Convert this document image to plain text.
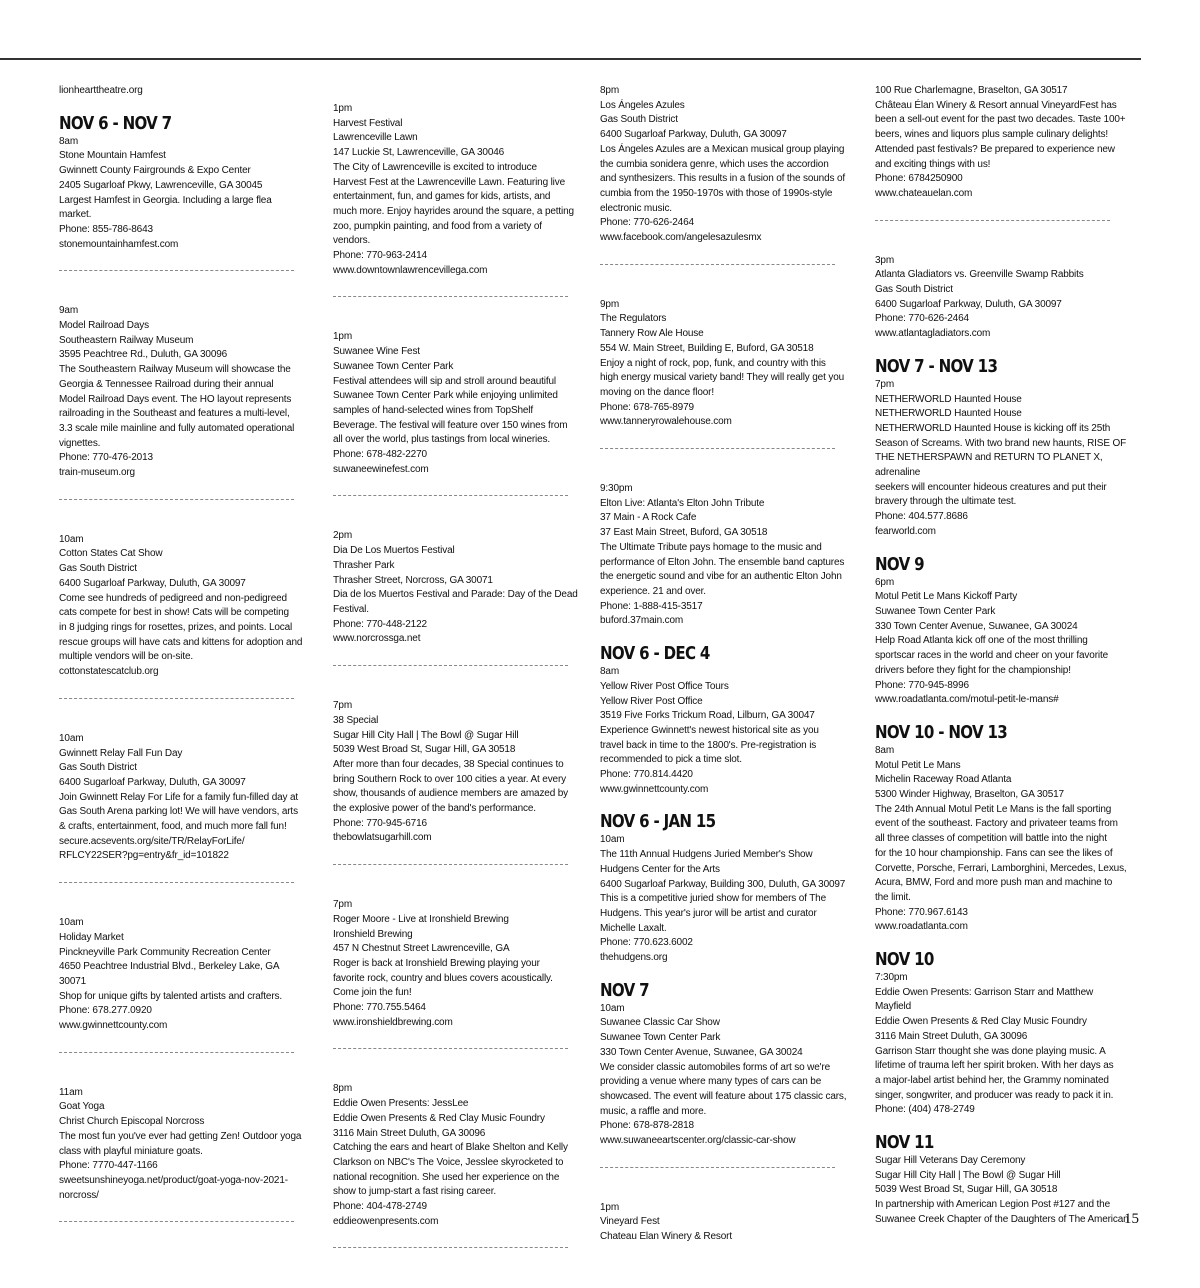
lionhearttheatre.org
NOV 6 - NOV 7
8am
Stone Mountain Hamfest
Gwinnett County Fairgrounds & Expo Center
2405 Sugarloaf Pkwy, Lawrenceville, GA 30045
Largest Hamfest in Georgia. Including a large flea
market.
Phone: 855-786-8643
stonemountainhamfest.com
9am
Model Railroad Days
Southeastern Railway Museum
3595 Peachtree Rd., Duluth, GA 30096
The Southeastern Railway Museum will showcase the
Georgia & Tennessee Railroad during their annual
Model Railroad Days event. The HO layout represents
railroading in the Southeast and features a multi-level,
3.3 scale mile mainline and fully automated operational
vignettes.
Phone: 770-476-2013
train-museum.org
10am
Cotton States Cat Show
Gas South District
6400 Sugarloaf Parkway, Duluth, GA 30097
Come see hundreds of pedigreed and non-pedigreed
cats compete for best in show! Cats will be competing
in 8 judging rings for rosettes, prizes, and points. Local
rescue groups will have cats and kittens for adoption and
multiple vendors will be on-site.
cottonstatescatclub.org
10am
Gwinnett Relay Fall Fun Day
Gas South District
6400 Sugarloaf Parkway, Duluth, GA 30097
Join Gwinnett Relay For Life for a family fun-filled day at
Gas South Arena parking lot! We will have vendors, arts
& crafts, entertainment, food, and much more fall fun!
secure.acsevents.org/site/TR/RelayForLife/
RFLCY22SER?pg=entry&fr_id=101822
10am
Holiday Market
Pinckneyville Park Community Recreation Center
4650 Peachtree Industrial Blvd., Berkeley Lake, GA
30071
Shop for unique gifts by talented artists and crafters.
Phone: 678.277.0920
www.gwinnettcounty.com
11am
Goat Yoga
Christ Church Episcopal Norcross
The most fun you've ever had getting Zen! Outdoor yoga
class with playful miniature goats.
Phone: 7770-447-1166
sweetsunshineyoga.net/product/goat-yoga-nov-2021-
norcross/
1pm
Harvest Festival
Lawrenceville Lawn
147 Luckie St, Lawrenceville, GA 30046
The City of Lawrenceville is excited to introduce
Harvest Fest at the Lawrenceville Lawn. Featuring live
entertainment, fun, and games for kids, artists, and
much more. Enjoy hayrides around the square, a petting
zoo, pumpkin painting, and food from a variety of
vendors.
Phone: 770-963-2414
www.downtownlawrencevillega.com
1pm
Suwanee Wine Fest
Suwanee Town Center Park
Festival attendees will sip and stroll around beautiful
Suwanee Town Center Park while enjoying unlimited
samples of hand-selected wines from TopShelf
Beverage. The festival will feature over 150 wines from
all over the world, plus tastings from local wineries.
Phone: 678-482-2270
suwaneewinefest.com
2pm
Dia De Los Muertos Festival
Thrasher Park
Thrasher Street, Norcross, GA 30071
Dia de los Muertos Festival and Parade: Day of the Dead
Festival.
Phone: 770-448-2122
www.norcrossga.net
7pm
38 Special
Sugar Hill City Hall | The Bowl @ Sugar Hill
5039 West Broad St, Sugar Hill, GA 30518
After more than four decades, 38 Special continues to
bring Southern Rock to over 100 cities a year. At every
show, thousands of audience members are amazed by
the explosive power of the band's performance.
Phone: 770-945-6716
thebowlatsugarhill.com
7pm
Roger Moore - Live at Ironshield Brewing
Ironshield Brewing
457 N Chestnut Street Lawrenceville, GA
Roger is back at Ironshield Brewing playing your
favorite rock, country and blues covers acoustically.
Come join the fun!
Phone: 770.755.5464
www.ironshieldbrewing.com
8pm
Eddie Owen Presents: JessLee
Eddie Owen Presents & Red Clay Music Foundry
3116 Main Street Duluth, GA 30096
Catching the ears and heart of Blake Shelton and Kelly
Clarkson on NBC's The Voice, Jesslee skyrocketed to
national recognition. She used her experience on the
show to jump-start a fast rising career.
Phone: 404-478-2749
eddieowenpresents.com
8pm
Los Ángeles Azules
Gas South District
6400 Sugarloaf Parkway, Duluth, GA 30097
Los Ángeles Azules are a Mexican musical group playing
the cumbia sonidera genre, which uses the accordion
and synthesizers. This results in a fusion of the sounds of
cumbia from the 1950-1970s with those of 1990s-style
electronic music.
Phone: 770-626-2464
www.facebook.com/angelesazulesmx
9pm
The Regulators
Tannery Row Ale House
554 W. Main Street, Building E, Buford, GA 30518
Enjoy a night of rock, pop, funk, and country with this
high energy musical variety band! They will really get you
moving on the dance floor!
Phone: 678-765-8979
www.tanneryrowalehouse.com
9:30pm
Elton Live: Atlanta's Elton John Tribute
37 Main - A Rock Cafe
37 East Main Street, Buford, GA 30518
The Ultimate Tribute pays homage to the music and
performance of Elton John. The ensemble band captures
the energetic sound and vibe for an authentic Elton John
experience. 21 and over.
Phone: 1-888-415-3517
buford.37main.com
NOV 6 - DEC 4
8am
Yellow River Post Office Tours
Yellow River Post Office
3519 Five Forks Trickum Road, Lilburn, GA 30047
Experience Gwinnett's newest historical site as you
travel back in time to the 1800's. Pre-registration is
recommended to pick a time slot.
Phone: 770.814.4420
www.gwinnettcounty.com
NOV 6 - JAN 15
10am
The 11th Annual Hudgens Juried Member's Show
Hudgens Center for the Arts
6400 Sugarloaf Parkway, Building 300, Duluth, GA 30097
This is a competitive juried show for members of The
Hudgens. This year's juror will be artist and curator
Michelle Laxalt.
Phone: 770.623.6002
thehudgens.org
NOV 7
10am
Suwanee Classic Car Show
Suwanee Town Center Park
330 Town Center Avenue, Suwanee, GA 30024
We consider classic automobiles forms of art so we're
providing a venue where many types of cars can be
showcased. The event will feature about 175 classic cars,
music, a raffle and more.
Phone: 678-878-2818
www.suwaneeartscenter.org/classic-car-show
1pm
Vineyard Fest
Chateau Elan Winery & Resort
100 Rue Charlemagne, Braselton, GA 30517
Château Élan Winery & Resort annual VineyardFest has
been a sell-out event for the past two decades. Taste 100+
beers, wines and liquors plus sample culinary delights!
Attended past festivals? Be prepared to experience new
and exciting things with us!
Phone: 6784250900
www.chateauelan.com
3pm
Atlanta Gladiators vs. Greenville Swamp Rabbits
Gas South District
6400 Sugarloaf Parkway, Duluth, GA 30097
Phone: 770-626-2464
www.atlantagladiators.com
NOV 7 - NOV 13
7pm
NETHERWORLD Haunted House
NETHERWORLD Haunted House
NETHERWORLD Haunted House is kicking off its 25th
Season of Screams. With two brand new haunts, RISE OF
THE NETHERSPAWN and RETURN TO PLANET X, adrenaline
seekers will encounter hideous creatures and put their
bravery through the ultimate test.
Phone: 404.577.8686
fearworld.com
NOV 9
6pm
Motul Petit Le Mans Kickoff Party
Suwanee Town Center Park
330 Town Center Avenue, Suwanee, GA 30024
Help Road Atlanta kick off one of the most thrilling
sportscar races in the world and cheer on your favorite
drivers before they fight for the championship!
Phone: 770-945-8996
www.roadatlanta.com/motul-petit-le-mans#
NOV 10 - NOV 13
8am
Motul Petit Le Mans
Michelin Raceway Road Atlanta
5300 Winder Highway, Braselton, GA 30517
The 24th Annual Motul Petit Le Mans is the fall sporting
event of the southeast. Factory and privateer teams from
all three classes of competition will battle into the night
for the 10 hour championship. Fans can see the likes of
Corvette, Porsche, Ferrari, Lamborghini, Mercedes, Lexus,
Acura, BMW, Ford and more push man and machine to
the limit.
Phone: 770.967.6143
www.roadatlanta.com
NOV 10
7:30pm
Eddie Owen Presents: Garrison Starr and Matthew
Mayfield
Eddie Owen Presents & Red Clay Music Foundry
3116 Main Street Duluth, GA 30096
Garrison Starr thought she was done playing music. A
lifetime of trauma left her spirit broken. With her days as
a major-label artist behind her, the Grammy nominated
singer, songwriter, and producer was ready to pack it in.
Phone: (404) 478-2749
NOV 11
Sugar Hill Veterans Day Ceremony
Sugar Hill City Hall | The Bowl @ Sugar Hill
5039 West Broad St, Sugar Hill, GA 30518
In partnership with American Legion Post #127 and the
Suwanee Creek Chapter of the Daughters of The American
15
